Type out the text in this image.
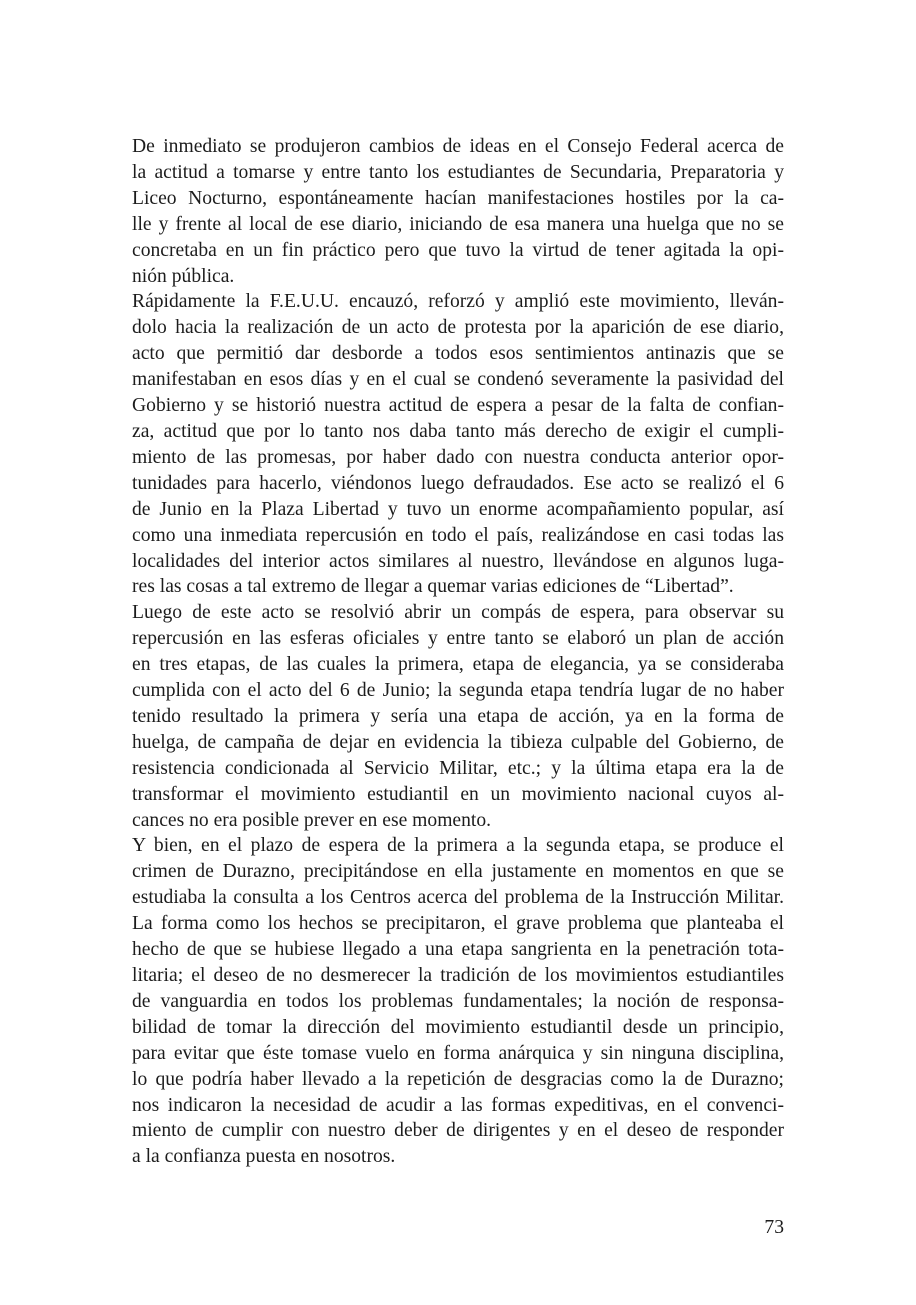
De inmediato se produjeron cambios de ideas en el Consejo Federal acerca de
la actitud a tomarse y entre tanto los estudiantes de Secundaria, Preparatoria y
Liceo Nocturno, espontáneamente hacían manifestaciones hostiles por la ca-
lle y frente al local de ese diario, iniciando de esa manera una huelga que no se
concretaba en un fin práctico pero que tuvo la virtud de tener agitada la opi-
nión pública.

Rápidamente la F.E.U.U. encauzó, reforzó y amplió este movimiento, lleván-
dolo hacia la realización de un acto de protesta por la aparición de ese diario,
acto que permitió dar desborde a todos esos sentimientos antinazis que se
manifestaban en esos días y en el cual se condenó severamente la pasividad del
Gobierno y se historió nuestra actitud de espera a pesar de la falta de confian-
za, actitud que por lo tanto nos daba tanto más derecho de exigir el cumpli-
miento de las promesas, por haber dado con nuestra conducta anterior opor-
tunidades para hacerlo, viéndonos luego defraudados. Ese acto se realizó el 6
de Junio en la Plaza Libertad y tuvo un enorme acompañamiento popular, así
como una inmediata repercusión en todo el país, realizándose en casi todas las
localidades del interior actos similares al nuestro, llevándose en algunos luga-
res las cosas a tal extremo de llegar a quemar varias ediciones de “Libertad”.

Luego de este acto se resolvió abrir un compás de espera, para observar su
repercusión en las esferas oficiales y entre tanto se elaboró un plan de acción
en tres etapas, de las cuales la primera, etapa de elegancia, ya se consideraba
cumplida con el acto del 6 de Junio; la segunda etapa tendría lugar de no haber
tenido resultado la primera y sería una etapa de acción, ya en la forma de
huelga, de campaña de dejar en evidencia la tibieza culpable del Gobierno, de
resistencia condicionada al Servicio Militar, etc.; y la última etapa era la de
transformar el movimiento estudiantil en un movimiento nacional cuyos al-
cances no era posible prever en ese momento.

Y bien, en el plazo de espera de la primera a la segunda etapa, se produce el
crimen de Durazno, precipitándose en ella justamente en momentos en que se
estudiaba la consulta a los Centros acerca del problema de la Instrucción Militar.
La forma como los hechos se precipitaron, el grave problema que planteaba el
hecho de que se hubiese llegado a una etapa sangrienta en la penetración tota-
litaria; el deseo de no desmerecer la tradición de los movimientos estudiantiles
de vanguardia en todos los problemas fundamentales; la noción de responsa-
bilidad de tomar la dirección del movimiento estudiantil desde un principio,
para evitar que éste tomase vuelo en forma anárquica y sin ninguna disciplina,
lo que podría haber llevado a la repetición de desgracias como la de Durazno;
nos indicaron la necesidad de acudir a las formas expeditivas, en el convenci-
miento de cumplir con nuestro deber de dirigentes y en el deseo de responder
a la confianza puesta en nosotros.

73
